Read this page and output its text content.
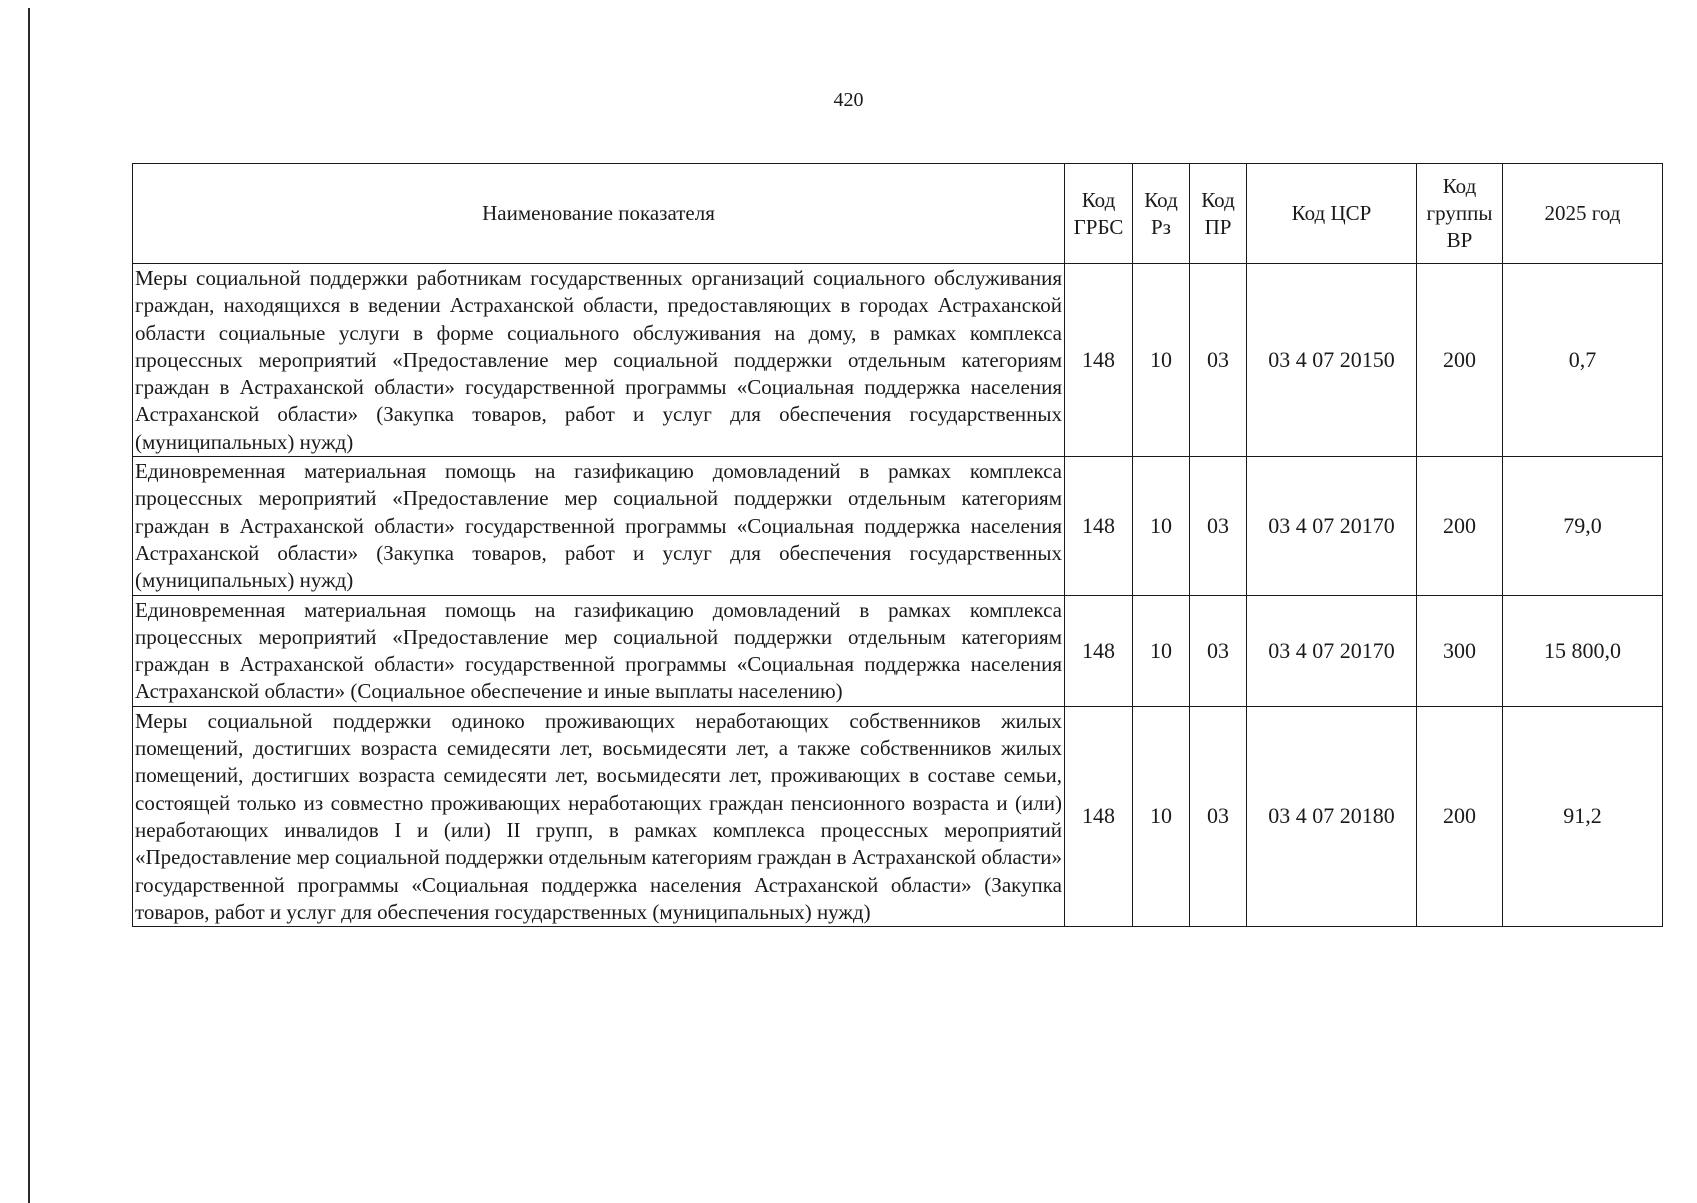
420
Наименование показателя	Код ГРБС	Код Рз	Код ПР	Код ЦСР	Код группы ВР	2025 год
Меры социальной поддержки работникам государственных организаций социального обслуживания граждан, находящихся в ведении Астраханской области, предоставляющих в городах Астраханской области социальные услуги в форме социального обслуживания на дому, в рамках комплекса процессных мероприятий «Предоставление мер социальной поддержки отдельным категориям граждан в Астраханской области» государственной программы «Социальная поддержка населения Астраханской области» (Закупка товаров, работ и услуг для обеспечения государственных (муниципальных) нужд)	148	10	03	03 4 07 20150	200	0,7
Единовременная материальная помощь на газификацию домовладений в рамках комплекса процессных мероприятий «Предоставление мер социальной поддержки отдельным категориям граждан в Астраханской области» государственной программы «Социальная поддержка населения Астраханской области» (Закупка товаров, работ и услуг для обеспечения государственных (муниципальных) нужд)	148	10	03	03 4 07 20170	200	79,0
Единовременная материальная помощь на газификацию домовладений в рамках комплекса процессных мероприятий «Предоставление мер социальной поддержки отдельным категориям граждан в Астраханской области» государственной программы «Социальная поддержка населения Астраханской области» (Социальное обеспечение и иные выплаты населению)	148	10	03	03 4 07 20170	300	15 800,0
Меры социальной поддержки одиноко проживающих неработающих собственников жилых помещений, достигших возраста семидесяти лет, восьмидесяти лет, а также собственников жилых помещений, достигших возраста семидесяти лет, восьмидесяти лет, проживающих в составе семьи, состоящей только из совместно проживающих неработающих граждан пенсионного возраста и (или) неработающих инвалидов I и (или) II групп, в рамках комплекса процессных мероприятий «Предоставление мер социальной поддержки отдельным категориям граждан в Астраханской области» государственной программы «Социальная поддержка населения Астраханской области» (Закупка товаров, работ и услуг для обеспечения государственных (муниципальных) нужд)	148	10	03	03 4 07 20180	200	91,2
